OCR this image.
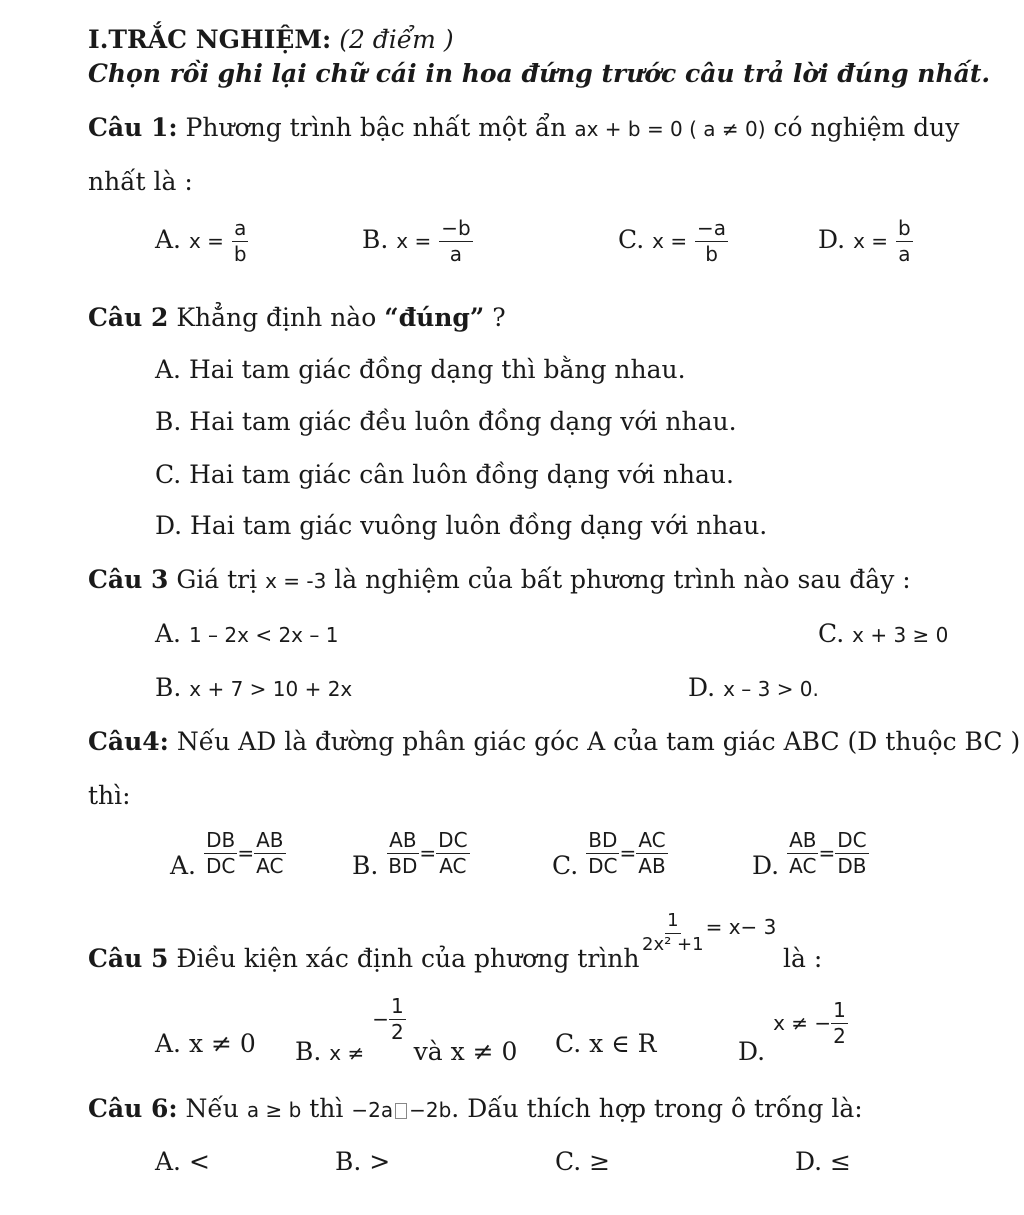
I.TRẮC NGHIỆM: (2 điểm )
Chọn rồi ghi lại chữ cái in hoa đứng trước câu trả lời đúng nhất.
Câu 1: Phương trình bậc nhất một ẩn ax + b = 0 ( a ≠ 0) có nghiệm duy
nhất là :
A. $x = \frac{a}{b}$	B. $x = \frac{-b}{a}$	C. $x = \frac{-a}{b}$	D. $x = \frac{b}{a}$
Câu 2 Khẳng định nào “đúng” ?
A. Hai tam giác đồng dạng thì bằng nhau.
B. Hai tam giác đều luôn đồng dạng với nhau.
C. Hai tam giác cân luôn đồng dạng với nhau.
D. Hai tam giác vuông luôn đồng dạng với nhau.
Câu 3 Giá trị x = -3 là nghiệm của bất phương trình nào sau đây :
A. 1 – 2x < 2x – 1	C. x + 3 ≥ 0
B. x + 7 > 10 + 2x	D. x – 3 > 0.
Câu4: Nếu AD là đường phân giác góc A của tam giác ABC (D thuộc BC )
thì:
A. $\frac{DB}{DC} = \frac{AB}{AC}$	B. $\frac{AB}{BD} = \frac{DC}{AC}$	C. $\frac{BD}{DC} = \frac{AC}{AB}$	D. $\frac{AB}{AC} = \frac{DC}{DB}$
Câu 5 Điều kiện xác định của phương trình
$\frac{1}{\text{2x² +1}} ^{= x- 3}$
là :
A. x ≠ 0 B. $_{x \ne} - \frac{1}{2}$
và x ≠ 0 C. x ∈ R	D. x ≠ − $\frac{1}{2}$
Câu 6: Nếu a ≥ b thì −2a −2b. Dấu thích hợp trong ô trống là:
A. <	B. >	C. ≥	D. ≤
